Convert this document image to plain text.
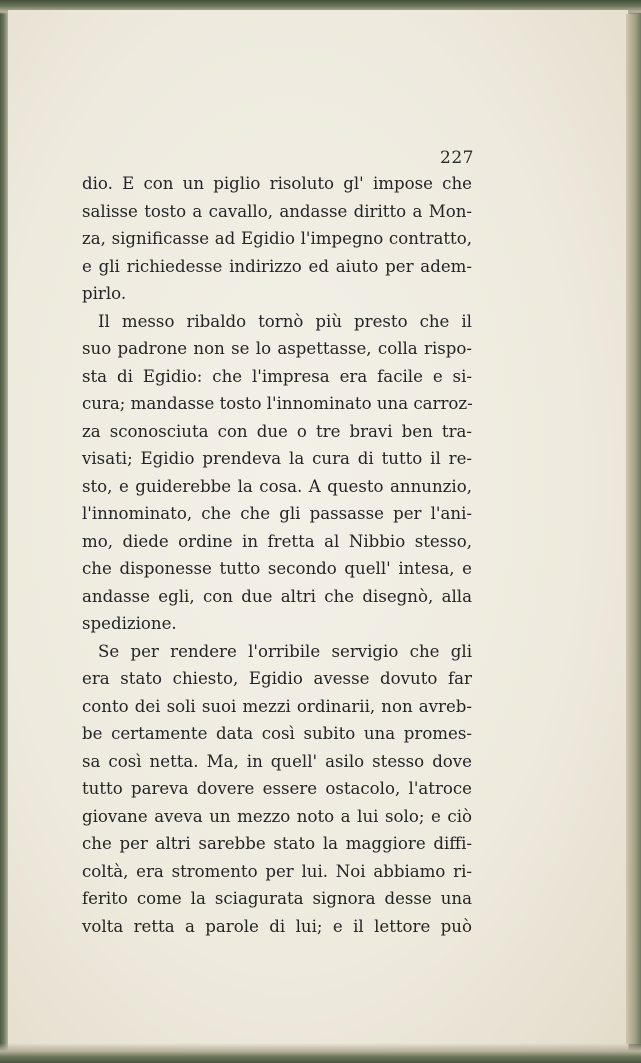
227

dio. E con un piglio risoluto gl' impose che
salisse tosto a cavallo, andasse diritto a Mon-
za, significasse ad Egidio l'impegno contratto,
e gli richiedesse indirizzo ed aiuto per adem-
pirlo.

Il messo ribaldo tornò più presto che il
suo padrone non se lo aspettasse, colla rispo-
sta di Egidio: che l'impresa era facile e si-
cura; mandasse tosto l'innominato una carroz-
za sconosciuta con due o tre bravi ben tra-
visati; Egidio prendeva la cura di tutto il re-
sto, e guiderebbe la cosa. A questo annunzio,
l'innominato, che che gli passasse per l'ani-
mo, diede ordine in fretta al Nibbio stesso,
che disponesse tutto secondo quell' intesa, e
andasse egli, con due altri che disegnò, alla
spedizione.

Se per rendere l'orribile servigio che gli
era stato chiesto, Egidio avesse dovuto far
conto dei soli suoi mezzi ordinarii, non avreb-
be certamente data così subito una promes-
sa così netta. Ma, in quell' asilo stesso dove
tutto pareva dovere essere ostacolo, l'atroce
giovane aveva un mezzo noto a lui solo; e ciò
che per altri sarebbe stato la maggiore diffi-
coltà, era stromento per lui. Noi abbiamo ri-
ferito come la sciagurata signora desse una
volta retta a parole di lui; e il lettore può
